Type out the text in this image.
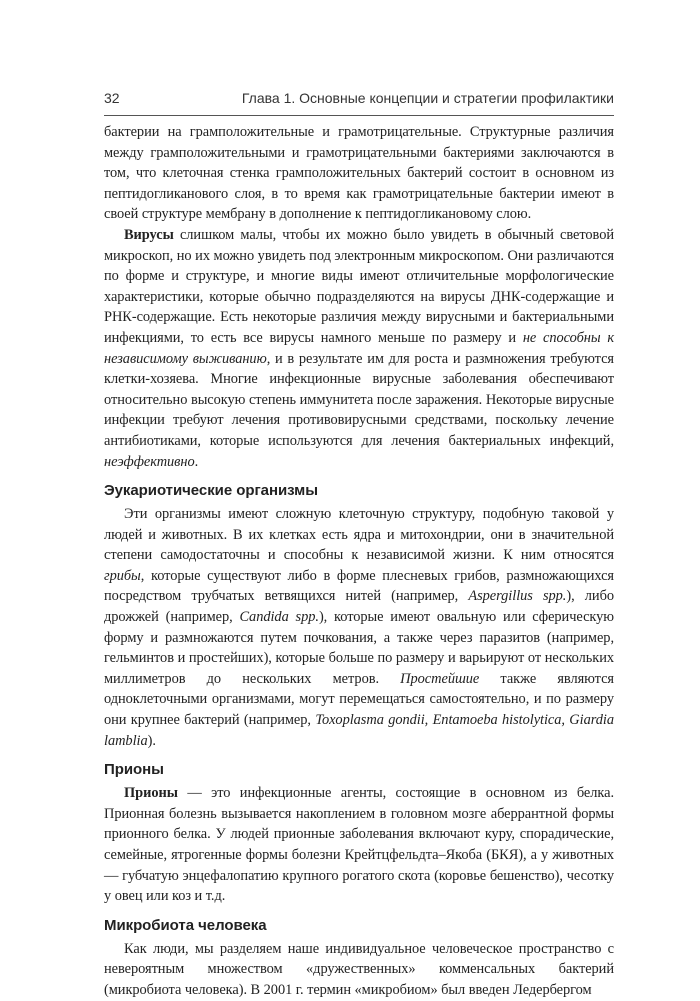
32	Глава 1. Основные концепции и стратегии профилактики

бактерии на грамположительные и грамотрицательные. Структурные различия между грамположительными и грамотрицательными бактериями заключаются в том, что клеточная стенка грамположительных бактерий состоит в основном из пептидогликанового слоя, в то время как грамотрицательные бактерии имеют в своей структуре мембрану в дополнение к пептидогликановому слою.

Вирусы слишком малы, чтобы их можно было увидеть в обычный световой микроскоп, но их можно увидеть под электронным микроскопом. Они различаются по форме и структуре, и многие виды имеют отличительные морфологические характеристики, которые обычно подразделяются на вирусы ДНК-содержащие и РНК-содержащие. Есть некоторые различия между вирусными и бактериальными инфекциями, то есть все вирусы намного меньше по размеру и не способны к независимому выживанию, и в результате им для роста и размножения требуются клетки-хозяева. Многие инфекционные вирусные заболевания обеспечивают относительно высокую степень иммунитета после заражения. Некоторые вирусные инфекции требуют лечения противовирусными средствами, поскольку лечение антибиотиками, которые используются для лечения бактериальных инфекций, неэффективно.

Эукариотические организмы

Эти организмы имеют сложную клеточную структуру, подобную таковой у людей и животных. В их клетках есть ядра и митохондрии, они в значительной степени самодостаточны и способны к независимой жизни. К ним относятся грибы, которые существуют либо в форме плесневых грибов, размножающихся посредством трубчатых ветвящихся нитей (например, Aspergillus spp.), либо дрожжей (например, Candida spp.), которые имеют овальную или сферическую форму и размножаются путем почкования, а также через паразитов (например, гельминтов и простейших), которые больше по размеру и варьируют от нескольких миллиметров до нескольких метров. Простейшие также являются одноклеточными организмами, могут перемещаться самостоятельно, и по размеру они крупнее бактерий (например, Toxoplasma gondii, Entamoeba histolytica, Giardia lamblia).

Прионы

Прионы — это инфекционные агенты, состоящие в основном из белка. Прионная болезнь вызывается накоплением в головном мозге аберрантной формы прионного белка. У людей прионные заболевания включают куру, спорадические, семейные, ятрогенные формы болезни Крейтцфельдта–Якоба (БКЯ), а у животных — губчатую энцефалопатию крупного рогатого скота (коровье бешенство), чесотку у овец или коз и т.д.

Микробиота человека

Как люди, мы разделяем наше индивидуальное человеческое пространство с невероятным множеством «дружественных» комменсальных бактерий (микробиота человека). В 2001 г. термин «микробиом» был введен Ледербергом
